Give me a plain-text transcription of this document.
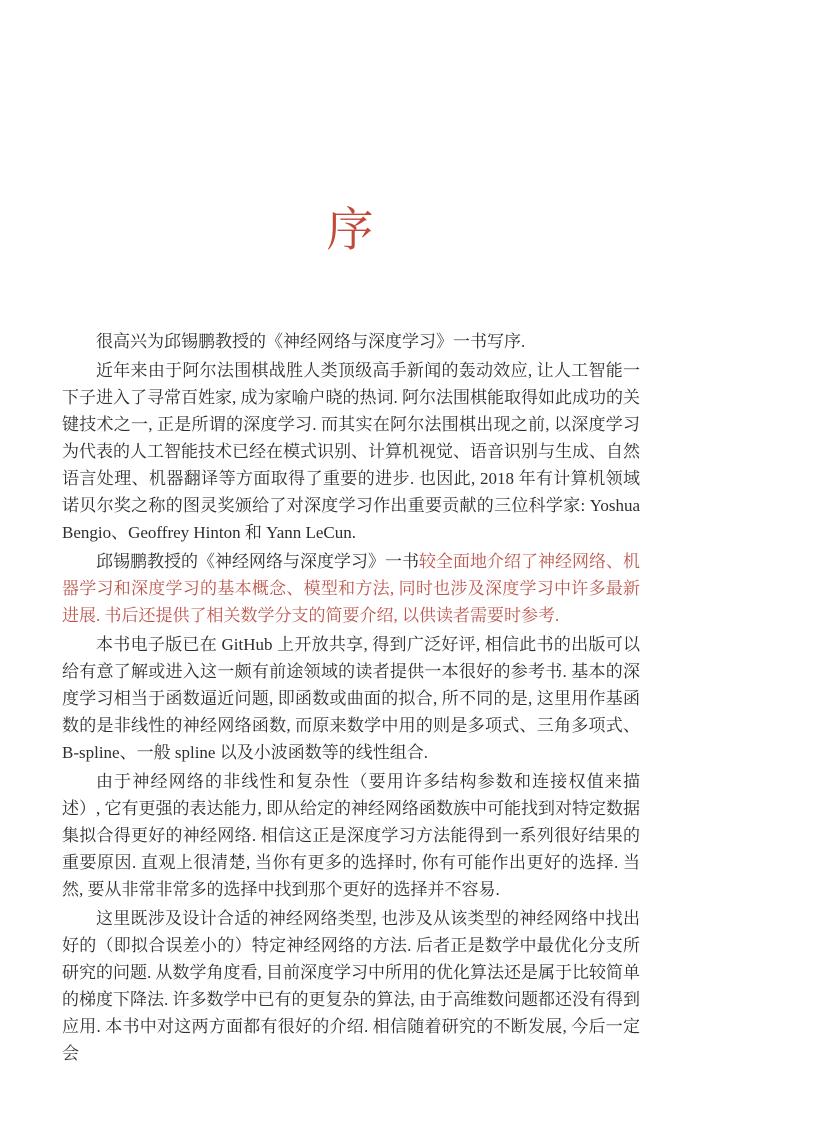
序

很高兴为邱锡鹏教授的《神经网络与深度学习》一书写序.

近年来由于阿尔法围棋战胜人类顶级高手新闻的轰动效应, 让人工智能一下子进入了寻常百姓家, 成为家喻户晓的热词. 阿尔法围棋能取得如此成功的关键技术之一, 正是所谓的深度学习. 而其实在阿尔法围棋出现之前, 以深度学习为代表的人工智能技术已经在模式识别、计算机视觉、语音识别与生成、自然语言处理、机器翻译等方面取得了重要的进步. 也因此, 2018 年有计算机领域诺贝尔奖之称的图灵奖颁给了对深度学习作出重要贡献的三位科学家: Yoshua Bengio、Geoffrey Hinton 和 Yann LeCun.

邱锡鹏教授的《神经网络与深度学习》一书较全面地介绍了神经网络、机器学习和深度学习的基本概念、模型和方法, 同时也涉及深度学习中许多最新进展. 书后还提供了相关数学分支的简要介绍, 以供读者需要时参考.

本书电子版已在 GitHub 上开放共享, 得到广泛好评, 相信此书的出版可以给有意了解或进入这一颇有前途领域的读者提供一本很好的参考书. 基本的深度学习相当于函数逼近问题, 即函数或曲面的拟合, 所不同的是, 这里用作基函数的是非线性的神经网络函数, 而原来数学中用的则是多项式、三角多项式、B-spline、一般 spline 以及小波函数等的线性组合.

由于神经网络的非线性和复杂性（要用许多结构参数和连接权值来描述）, 它有更强的表达能力, 即从给定的神经网络函数族中可能找到对特定数据集拟合得更好的神经网络. 相信这正是深度学习方法能得到一系列很好结果的重要原因. 直观上很清楚, 当你有更多的选择时, 你有可能作出更好的选择. 当然, 要从非常非常多的选择中找到那个更好的选择并不容易.

这里既涉及设计合适的神经网络类型, 也涉及从该类型的神经网络中找出好的（即拟合误差小的）特定神经网络的方法. 后者正是数学中最优化分支所研究的问题. 从数学角度看, 目前深度学习中所用的优化算法还是属于比较简单的梯度下降法. 许多数学中已有的更复杂的算法, 由于高维数问题都还没有得到应用. 本书中对这两方面都有很好的介绍. 相信随着研究的不断发展, 今后一定会
